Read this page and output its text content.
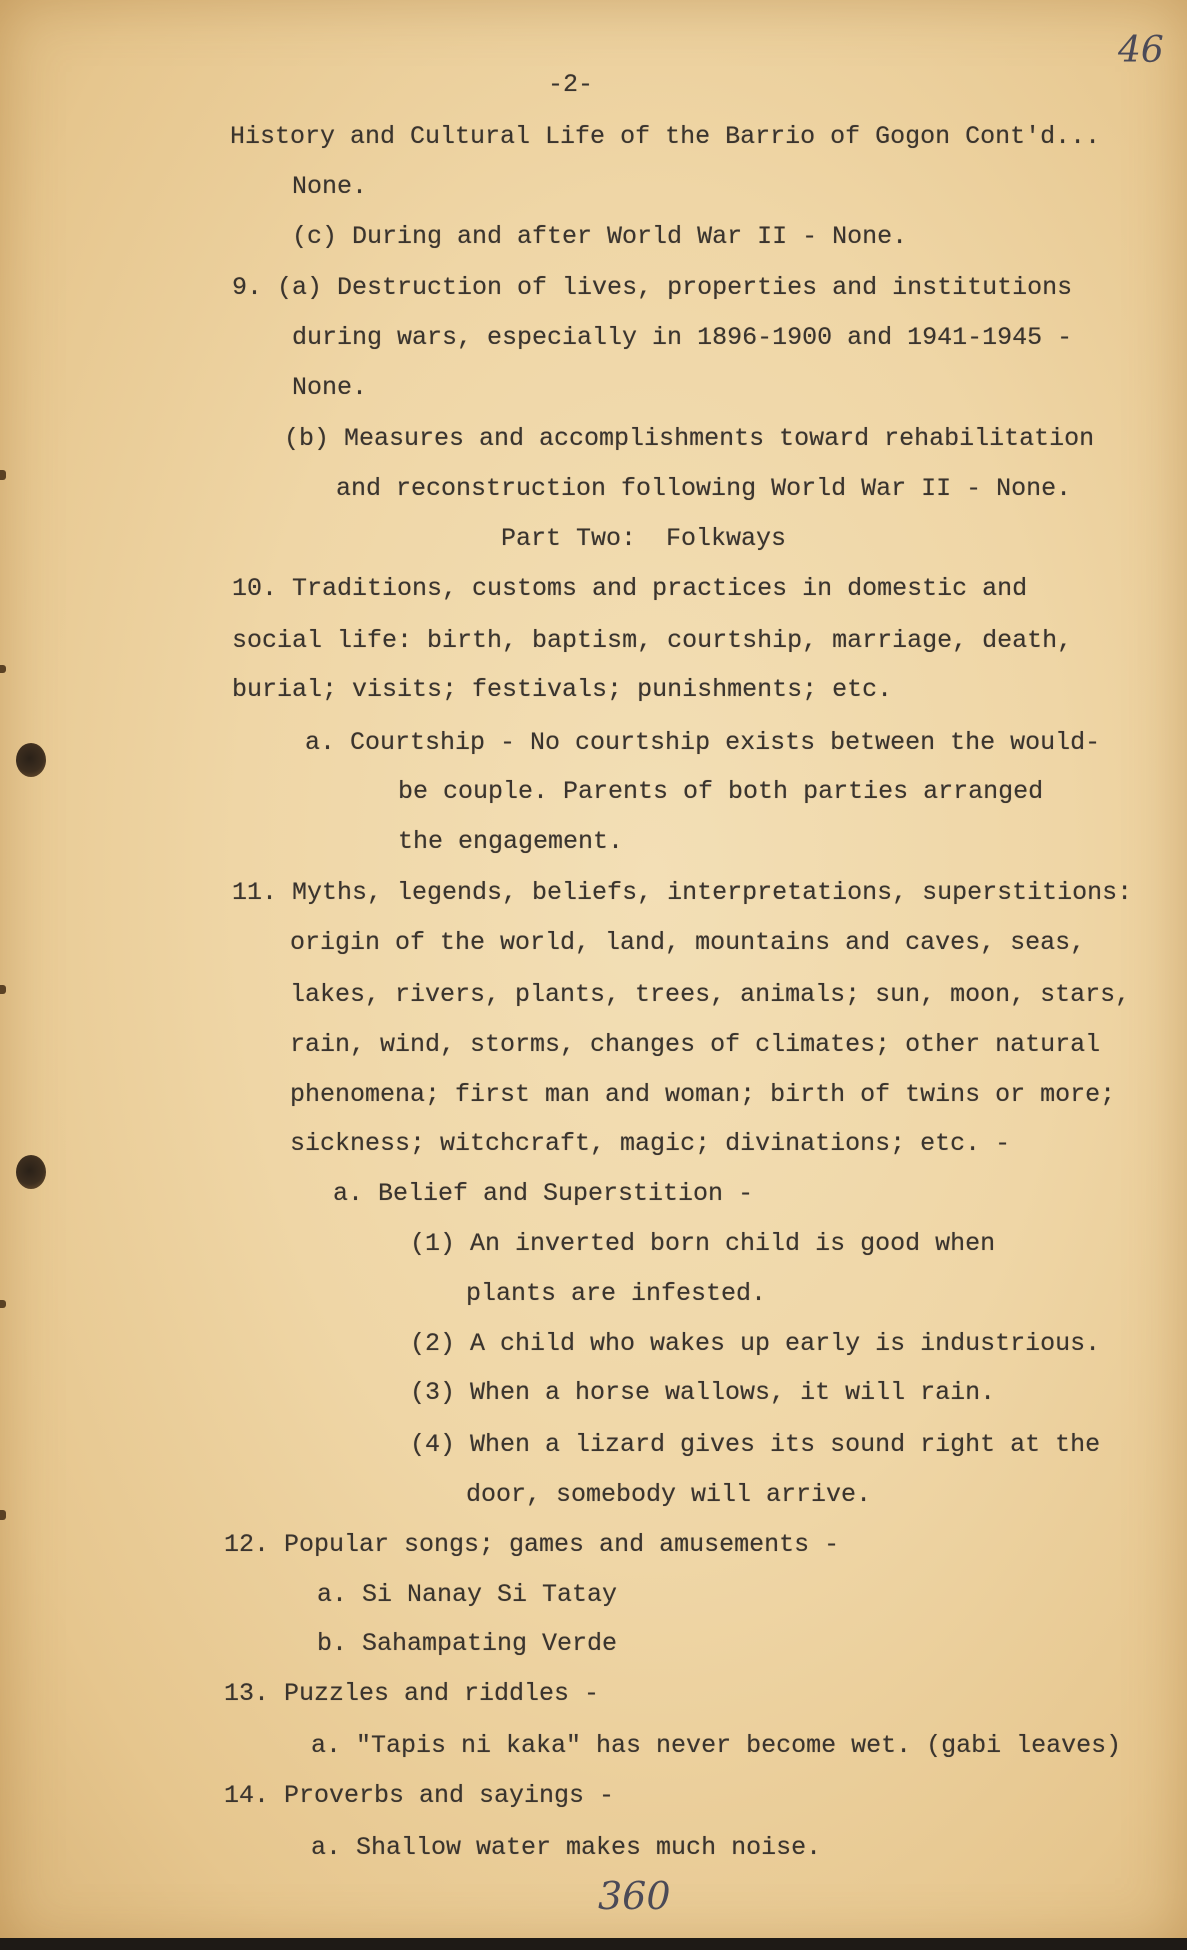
46
-2-
History and Cultural Life of the Barrio of Gogon Cont'd...
None.
(c) During and after World War II - None.
9. (a) Destruction of lives, properties and institutions
during wars, especially in 1896-1900 and 1941-1945 -
None.
(b) Measures and accomplishments toward rehabilitation
and reconstruction following World War II - None.
Part Two:  Folkways
10. Traditions, customs and practices in domestic and
social life: birth, baptism, courtship, marriage, death,
burial; visits; festivals; punishments; etc.
a. Courtship - No courtship exists between the would-
be couple. Parents of both parties arranged
the engagement.
11. Myths, legends, beliefs, interpretations, superstitions:
origin of the world, land, mountains and caves, seas,
lakes, rivers, plants, trees, animals; sun, moon, stars,
rain, wind, storms, changes of climates; other natural
phenomena; first man and woman; birth of twins or more;
sickness; witchcraft, magic; divinations; etc. -
a. Belief and Superstition -
(1) An inverted born child is good when
plants are infested.
(2) A child who wakes up early is industrious.
(3) When a horse wallows, it will rain.
(4) When a lizard gives its sound right at the
door, somebody will arrive.
12. Popular songs; games and amusements -
a. Si Nanay Si Tatay
b. Sahampating Verde
13. Puzzles and riddles -
a. "Tapis ni kaka" has never become wet. (gabi leaves)
14. Proverbs and sayings -
a. Shallow water makes much noise.
360
